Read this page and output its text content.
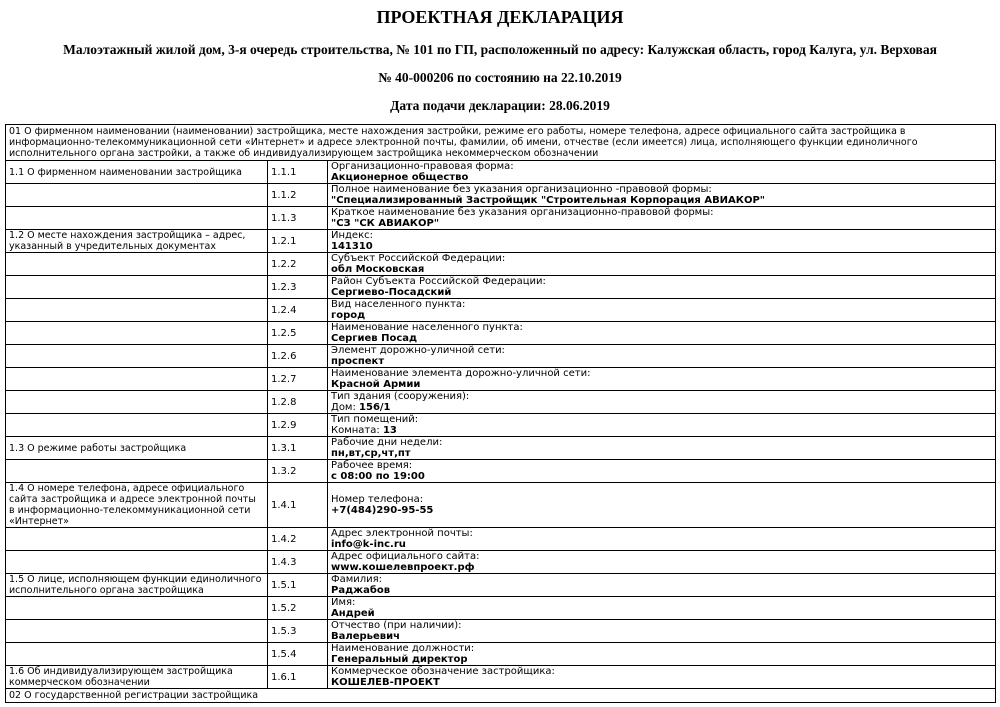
ПРОЕКТНАЯ ДЕКЛАРАЦИЯ
Малоэтажный жилой дом, 3-я очередь строительства, № 101 по ГП, расположенный по адресу: Калужская область, город Калуга, ул. Верховая
№ 40-000206 по состоянию на 22.10.2019
Дата подачи декларации: 28.06.2019
01 О фирменном наименовании (наименовании) застройщика, месте нахождения застройки, режиме его работы, номере телефона, адресе официального сайта застройщика в информационно-телекоммуникационной сети «Интернет» и адресе электронной почты, фамилии, об имени, отчестве (если имеется) лица, исполняющего функции единоличного исполнительного органа застройки, а также об индивидуализирующем застройщика некоммерческом обозначении		
1.1 О фирменном наименовании застройщика	1.1.1	Организационно-правовая форма:
Акционерное общество

	1.1.2	Полное наименование без указания организационно -правовой формы:
"Специализированный Застройщик "Строительная Корпорация АВИАКОР"

	1.1.3	Краткое наименование без указания организационно-правовой формы:
"СЗ "СК АВИАКОР"

1.2 О месте нахождения застройщика – адрес, указанный в учредительных документах	1.2.1	Индекс:
141310

	1.2.2	Субъект Российской Федерации:
обл Московская

	1.2.3	Район Субъекта Российской Федерации:
Сергиево-Посадский

	1.2.4	Вид населенного пункта:
город

	1.2.5	Наименование населенного пункта:
Сергиев Посад

	1.2.6	Элемент дорожно-уличной сети:
проспект

	1.2.7	Наименование элемента дорожно-уличной сети:
Красной Армии

	1.2.8	Тип здания (сооружения):
Дом: 156/1

	1.2.9	Тип помещений:
Комната: 13

1.3 О режиме работы застройщика	1.3.1	Рабочие дни недели:
пн,вт,ср,чт,пт

	1.3.2	Рабочее время:
с 08:00 по 19:00

1.4 О номере телефона, адресе официального сайта застройщика и адресе электронной почты в информационно-телекоммуникационной сети «Интернет»	1.4.1	Номер телефона:
+7(484)290-95-55

	1.4.2	Адрес электронной почты:
info@k-inc.ru

	1.4.3	Адрес официального сайта:
www.кошелевпроект.рф

1.5 О лице, исполняющем функции единоличного исполнительного органа застройщика	1.5.1	Фамилия:
Раджабов

	1.5.2	Имя:
Андрей

	1.5.3	Отчество (при наличии):
Валерьевич

	1.5.4	Наименование должности:
Генеральный директор

1.6 Об индивидуализирующем застройщика коммерческом обозначении	1.6.1	Коммерческое обозначение застройщика:
КОШЕЛЕВ-ПРОЕКТ

02 О государственной регистрации застройщика		
